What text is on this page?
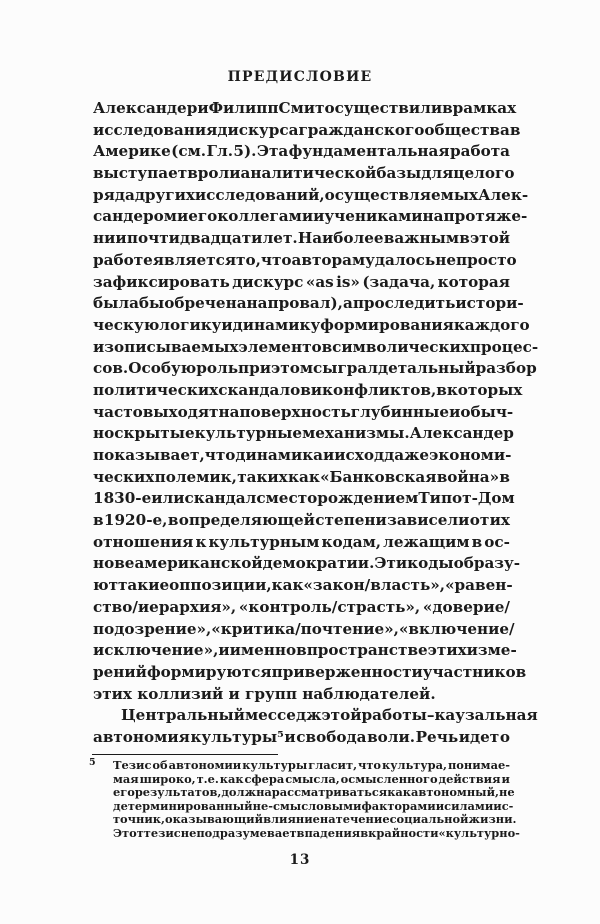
ПРЕДИСЛОВИЕ
Александер и Филипп Смит осуществили в рамках
исследования дискурса гражданского общества в
Америке (см. Гл. 5). Эта фундаментальная работа
выступает в роли аналитической базы для целого
ряда других исследований, осуществляемых Алек-
сандером и его коллегами и учениками на протяже-
нии почти двадцати лет. Наиболее важным в этой
работе является то, что авторам удалось не просто
зафиксировать дискурс «as is» (задача, которая
была бы обречена на провал), а проследить истори-
ческую логику и динамику формирования каждого
из описываемых элементов символических процес-
сов. Особую роль при этом сыграл детальный разбор
политических скандалов и конфликтов, в которых
часто выходят на поверхность глубинные и обыч-
но скрытые культурные механизмы. Александер
показывает, что динамика и исход даже экономи-
ческих полемик, таких как «Банковская война» в
1830-е или скандал с месторождением Типот-Дом
в 1920-е, в определяющей степени зависели от их
отношения к культурным кодам, лежащим в ос-
нове американской демократии. Эти коды образу-
ют такие оппозиции, как «закон/власть», «равен-
ство/иерархия», «контроль/страсть», «доверие/
подозрение», «критика/почтение», «включение/
исключение», и именно в пространстве этих изме-
рений формируются приверженности участников
этих коллизий и групп наблюдателей.
Центральный месседж этой работы – каузальная
автономия культуры⁵ и свобода воли. Речь идет о
5 Тезис об автономии культуры гласит, что культура, понимае-
мая широко, т.е. как сфера смысла, осмысленного действия и
его результатов, должна рассматриваться как автономный, не
детерминированный не-смысловыми факторами и силами ис-
точник, оказывающий влияние на течение социальной жизни.
Этот тезис не подразумевает впадения в крайности «культурно-
13
